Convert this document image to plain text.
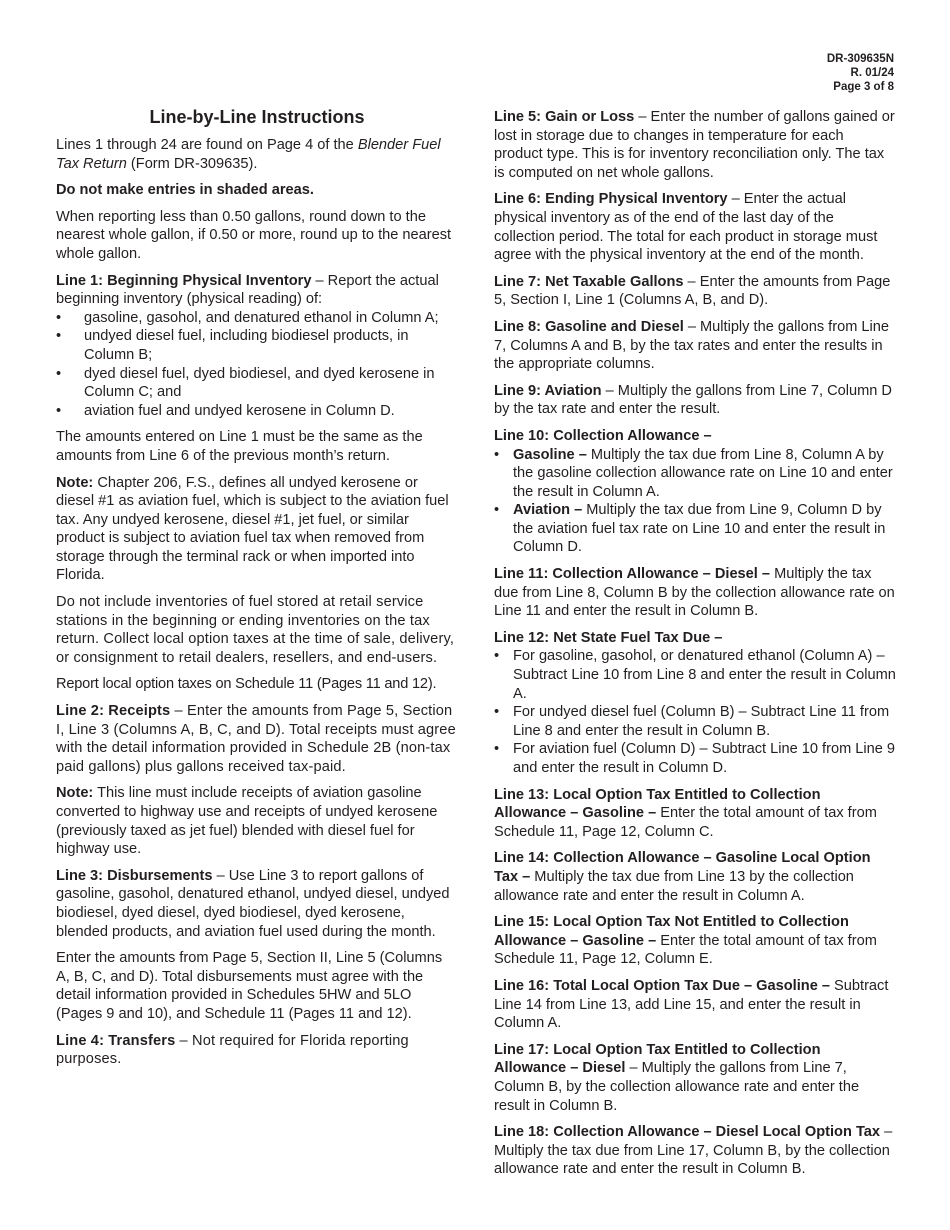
DR-309635N
R. 01/24
Page 3 of 8
Line-by-Line Instructions

Lines 1 through 24 are found on Page 4 of the Blender Fuel Tax Return (Form DR-309635).

Do not make entries in shaded areas.

When reporting less than 0.50 gallons, round down to the nearest whole gallon, if 0.50 or more, round up to the nearest whole gallon.

Line 1: Beginning Physical Inventory – Report the actual beginning inventory (physical reading) of:

• gasoline, gasohol, and denatured ethanol in Column A;
• undyed diesel fuel, including biodiesel products, in Column B;
• dyed diesel fuel, dyed biodiesel, and dyed kerosene in Column C; and
• aviation fuel and undyed kerosene in Column D.

The amounts entered on Line 1 must be the same as the amounts from Line 6 of the previous month’s return.

Note: Chapter 206, F.S., defines all undyed kerosene or diesel #1 as aviation fuel, which is subject to the aviation fuel tax. Any undyed kerosene, diesel #1, jet fuel, or similar product is subject to aviation fuel tax when removed from storage through the terminal rack or when imported into Florida.

Do not include inventories of fuel stored at retail service stations in the beginning or ending inventories on the tax return. Collect local option taxes at the time of sale, delivery, or consignment to retail dealers, resellers, and end-users.

Report local option taxes on Schedule 11 (Pages 11 and 12).

Line 2: Receipts – Enter the amounts from Page 5, Section I, Line 3 (Columns A, B, C, and D). Total receipts must agree with the detail information provided in Schedule 2B (non-tax paid gallons) plus gallons received tax-paid.

Note: This line must include receipts of aviation gasoline converted to highway use and receipts of undyed kerosene (previously taxed as jet fuel) blended with diesel fuel for highway use.

Line 3: Disbursements – Use Line 3 to report gallons of gasoline, gasohol, denatured ethanol, undyed diesel, undyed biodiesel, dyed diesel, dyed biodiesel, dyed kerosene, blended products, and aviation fuel used during the month.

Enter the amounts from Page 5, Section II, Line 5 (Columns A, B, C, and D). Total disbursements must agree with the detail information provided in Schedules 5HW and 5LO (Pages 9 and 10), and Schedule 11 (Pages 11 and 12).

Line 4: Transfers – Not required for Florida reporting purposes.

Line 5: Gain or Loss – Enter the number of gallons gained or lost in storage due to changes in temperature for each product type. This is for inventory reconciliation only. The tax is computed on net whole gallons.

Line 6: Ending Physical Inventory – Enter the actual physical inventory as of the end of the last day of the collection period. The total for each product in storage must agree with the physical inventory at the end of the month.

Line 7: Net Taxable Gallons – Enter the amounts from Page 5, Section I, Line 1 (Columns A, B, and D).

Line 8: Gasoline and Diesel – Multiply the gallons from Line 7, Columns A and B, by the tax rates and enter the results in the appropriate columns.

Line 9: Aviation – Multiply the gallons from Line 7, Column D by the tax rate and enter the result.

Line 10: Collection Allowance –

• Gasoline – Multiply the tax due from Line 8, Column A by the gasoline collection allowance rate on Line 10 and enter the result in Column A.
• Aviation – Multiply the tax due from Line 9, Column D by the aviation fuel tax rate on Line 10 and enter the result in Column D.

Line 11: Collection Allowance – Diesel – Multiply the tax due from Line 8, Column B by the collection allowance rate on Line 11 and enter the result in Column B.

Line 12: Net State Fuel Tax Due –

• For gasoline, gasohol, or denatured ethanol (Column A) – Subtract Line 10 from Line 8 and enter the result in Column A.
• For undyed diesel fuel (Column B) – Subtract Line 11 from Line 8 and enter the result in Column B.
• For aviation fuel (Column D) – Subtract Line 10 from Line 9 and enter the result in Column D.

Line 13: Local Option Tax Entitled to Collection Allowance – Gasoline – Enter the total amount of tax from Schedule 11, Page 12, Column C.

Line 14: Collection Allowance – Gasoline Local Option Tax – Multiply the tax due from Line 13 by the collection allowance rate and enter the result in Column A.

Line 15: Local Option Tax Not Entitled to Collection Allowance – Gasoline – Enter the total amount of tax from Schedule 11, Page 12, Column E.

Line 16: Total Local Option Tax Due – Gasoline – Subtract Line 14 from Line 13, add Line 15, and enter the result in Column A.

Line 17: Local Option Tax Entitled to Collection Allowance – Diesel – Multiply the gallons from Line 7, Column B, by the collection allowance rate and enter the result in Column B.

Line 18: Collection Allowance – Diesel Local Option Tax – Multiply the tax due from Line 17, Column B, by the collection allowance rate and enter the result in Column B.
